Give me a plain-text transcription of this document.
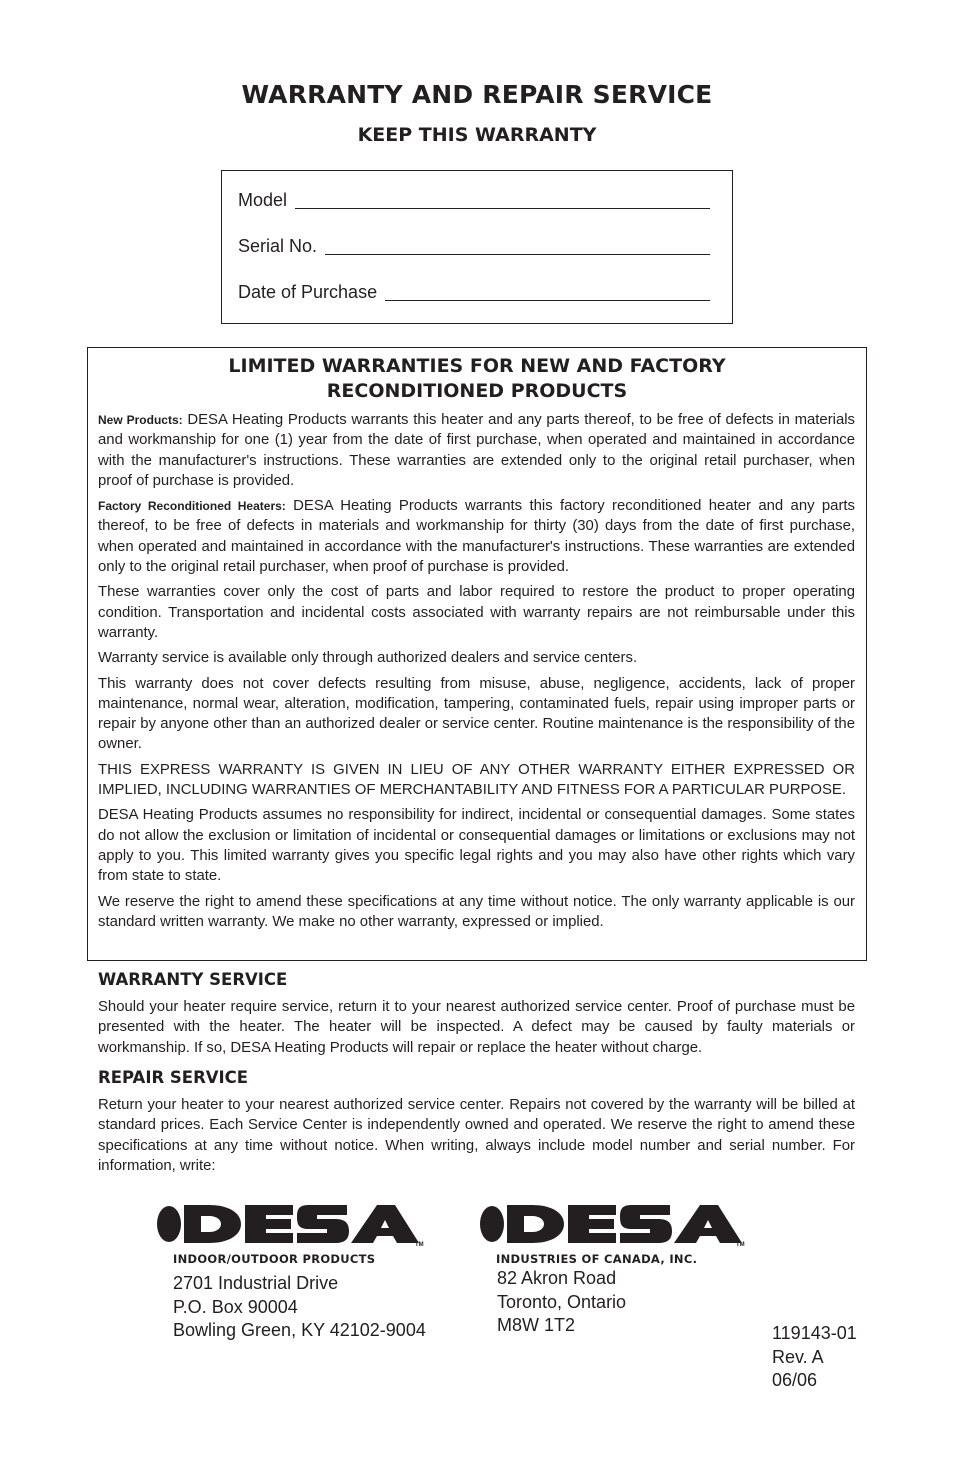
WARRANTY AND REPAIR SERVICE
KEEP THIS WARRANTY
Model
Serial No.
Date of Purchase
LIMITED WARRANTIES FOR NEW AND FACTORY
RECONDITIONED PRODUCTS

New Products: DESA Heating Products warrants this heater and any parts thereof, to be free of defects in materials and workmanship for one (1) year from the date of first purchase, when operated and maintained in accordance with the manufacturer's instructions. These warranties are extended only to the original retail purchaser, when proof of purchase is provided.

Factory Reconditioned Heaters: DESA Heating Products warrants this factory reconditioned heater and any parts thereof, to be free of defects in materials and workmanship for thirty (30) days from the date of first purchase, when operated and maintained in accordance with the manufacturer's instructions. These warranties are extended only to the original retail purchaser, when proof of purchase is provided.

These warranties cover only the cost of parts and labor required to restore the product to proper operating condition. Transportation and incidental costs associated with warranty repairs are not reimbursable under this warranty.

Warranty service is available only through authorized dealers and service centers.

This warranty does not cover defects resulting from misuse, abuse, negligence, accidents, lack of proper maintenance, normal wear, alteration, modification, tampering, contaminated fuels, repair using improper parts or repair by anyone other than an authorized dealer or service center. Routine maintenance is the responsibility of the owner.

THIS EXPRESS WARRANTY IS GIVEN IN LIEU OF ANY OTHER WARRANTY EITHER EXPRESSED OR IMPLIED, INCLUDING WARRANTIES OF MERCHANTABILITY AND FITNESS FOR A PARTICULAR PURPOSE.

DESA Heating Products assumes no responsibility for indirect, incidental or consequential damages. Some states do not allow the exclusion or limitation of incidental or consequential damages or limitations or exclusions may not apply to you. This limited warranty gives you specific legal rights and you may also have other rights which vary from state to state.

We reserve the right to amend these specifications at any time without notice. The only warranty applicable is our standard written warranty. We make no other warranty, expressed or implied.

WARRANTY SERVICE
Should your heater require service, return it to your nearest authorized service center. Proof of purchase must be presented with the heater. The heater will be inspected. A defect may be caused by faulty materials or workmanship. If so, DESA Heating Products will repair or replace the heater without charge.
REPAIR SERVICE
Return your heater to your nearest authorized service center. Repairs not covered by the warranty will be billed at standard prices. Each Service Center is independently owned and operated. We reserve the right to amend these specifications at any time without notice. When writing, always include model number and serial number. For information, write:
INDOOR/OUTDOOR PRODUCTS
TM
2701 Industrial Drive
P.O. Box 90004
Bowling Green, KY 42102-9004
INDUSTRIES OF CANADA, INC.
TM
82 Akron Road
Toronto, Ontario
M8W 1T2	119143-01
Rev. A
06/06
